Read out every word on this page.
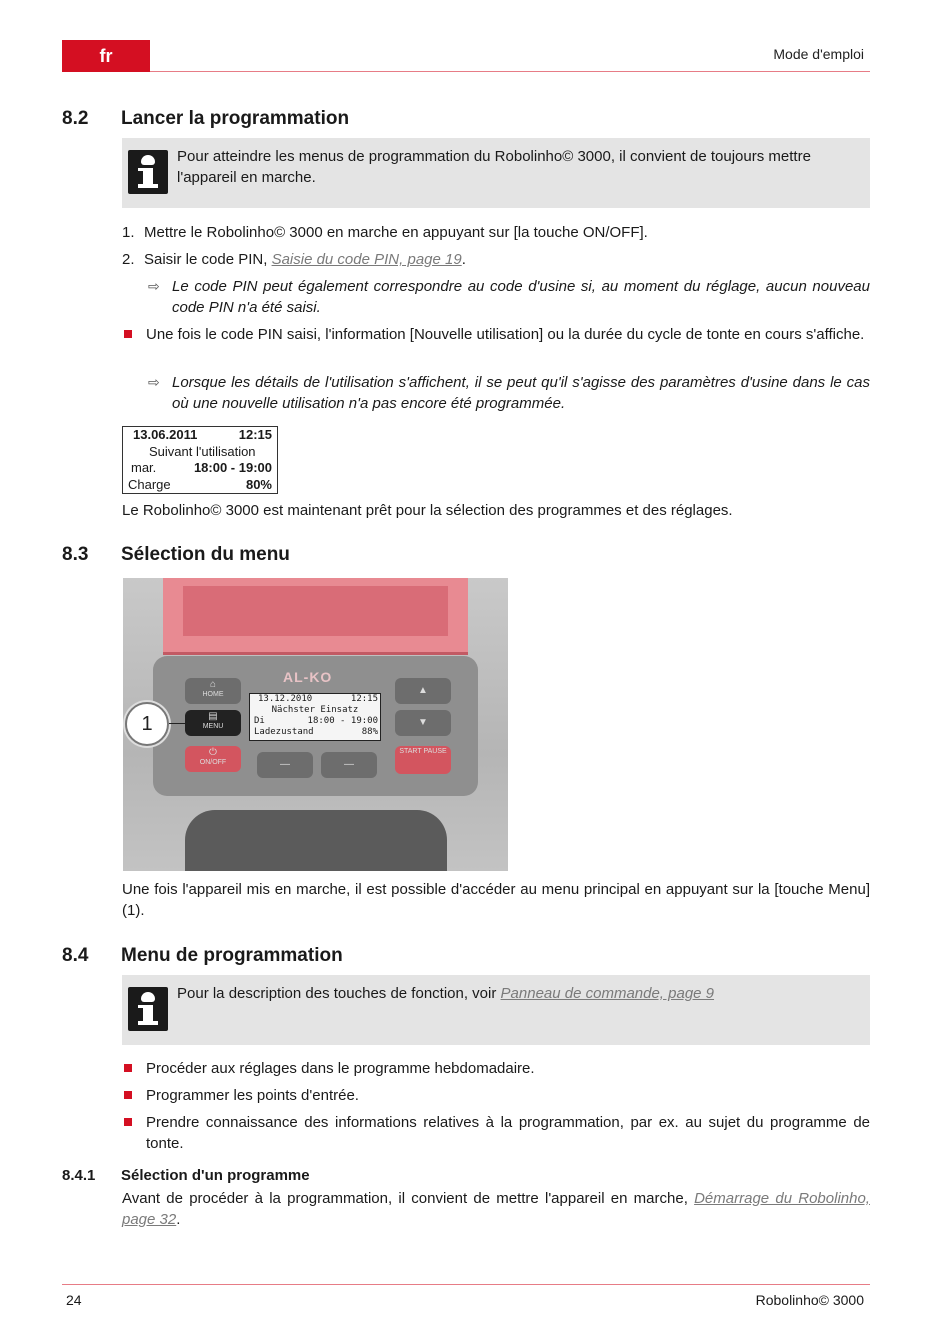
fr	Mode d'emploi
8.2 Lancer la programmation
Pour atteindre les menus de programmation du Robolinho© 3000, il convient de toujours mettre l'appareil en marche.
1. Mettre le Robolinho© 3000 en marche en appuyant sur [la touche ON/OFF].
2. Saisir le code PIN, Saisie du code PIN, page 19.
⇨ Le code PIN peut également correspondre au code d'usine si, au moment du réglage, aucun nouveau code PIN n'a été saisi.
Une fois le code PIN saisi, l'information [Nouvelle utilisation] ou la durée du cycle de tonte en cours s'affiche.
⇨ Lorsque les détails de l'utilisation s'affichent, il se peut qu'il s'agisse des paramètres d'usine dans le cas où une nouvelle utilisation n'a pas encore été programmée.
13.06.2011	12:15
Suivant l'utilisation
mar.	18:00 - 19:00
Charge	80%
Le Robolinho© 3000 est maintenant prêt pour la sélection des programmes et des réglages.
8.3 Sélection du menu
AL-KO
⌂
HOME
▤
MENU
⏻
ON/OFF
▲
▼
START PAUSE
—	—
13.12.2010	12:15
Nächster Einsatz
Di	18:00 - 19:00
Ladezustand	88%
1
Une fois l'appareil mis en marche, il est possible d'accéder au menu principal en appuyant sur la [touche Menu] (1).
8.4 Menu de programmation
Pour la description des touches de fonction, voir Panneau de commande, page 9
Procéder aux réglages dans le programme hebdomadaire.
Programmer les points d'entrée.
Prendre connaissance des informations relatives à la programmation, par ex. au sujet du programme de tonte.
8.4.1 Sélection d'un programme
Avant de procéder à la programmation, il convient de mettre l'appareil en marche, Démarrage du Robolinho, page 32.
24	Robolinho© 3000
